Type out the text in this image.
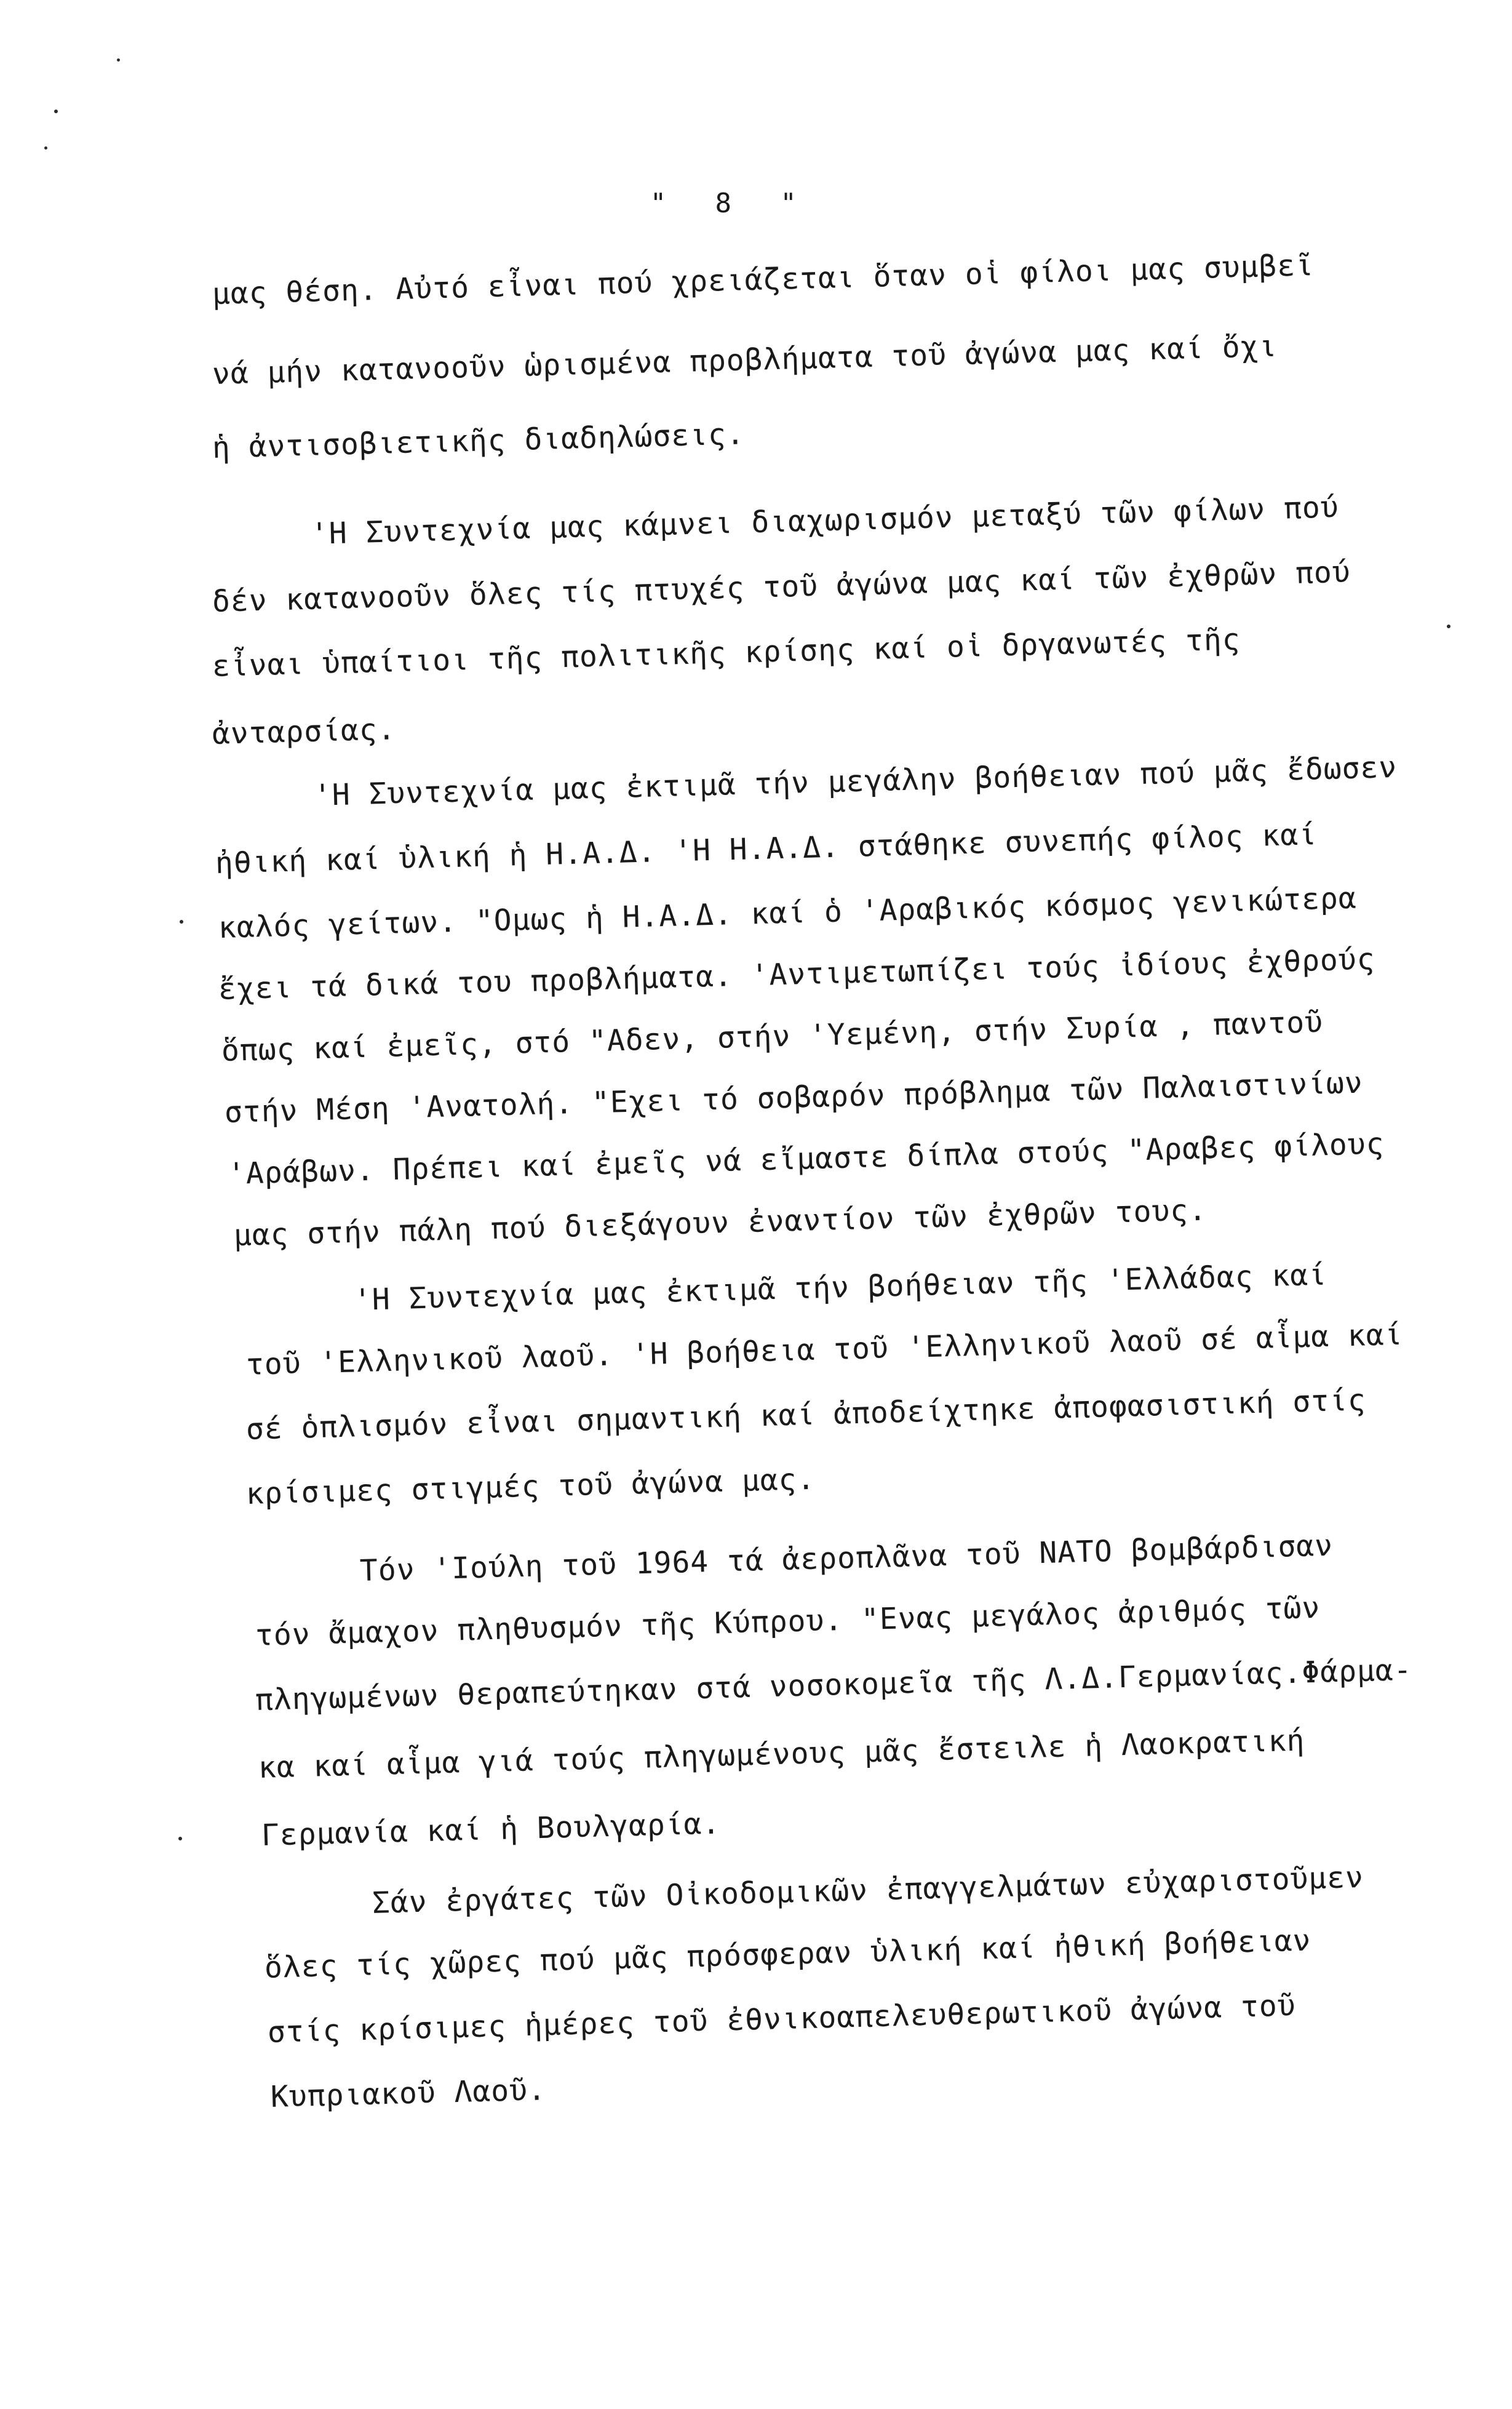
" 8 "
μας θέση. Αὐτό εἶναι πού χρειάζεται ὅταν οἱ φίλοι μας συμβεῖ
νά μήν κατανοοῦν ὡρισμένα προβλήματα τοῦ ἀγώνα μας καί ὄχι
ἡ ἀντισοβιετικῆς διαδηλώσεις.
'Η Συντεχνία μας κάμνει διαχωρισμόν μεταξύ τῶν φίλων πού
δέν κατανοοῦν ὅλες τίς πτυχές τοῦ ἀγώνα μας καί τῶν ἐχθρῶν πού
εἶναι ὑπαίτιοι τῆς πολιτικῆς κρίσης καί οἱ δργανωτές τῆς
ἀνταρσίας.
'Η Συντεχνία μας ἐκτιμᾶ τήν μεγάλην βοήθειαν πού μᾶς ἔδωσεν
ἠθική καί ὑλική ἡ Η.Α.Δ. 'Η Η.Α.Δ. στάθηκε συνεπής φίλος καί
καλός γείτων. "Ομως ἡ Η.Α.Δ. καί ὁ 'Αραβικός κόσμος γενικώτερα
ἔχει τά δικά του προβλήματα. 'Αντιμετωπίζει τούς ἰδίους ἐχθρούς
ὅπως καί ἐμεῖς, στό "Αδεν, στήν 'Υεμένη, στήν Συρία , παντοῦ
στήν Μέση 'Ανατολή. "Εχει τό σοβαρόν πρόβλημα τῶν Παλαιστινίων
'Αράβων. Πρέπει καί ἐμεῖς νά εἴμαστε δίπλα στούς "Αραβες φίλους
μας στήν πάλη πού διεξάγουν ἐναντίον τῶν ἐχθρῶν τους.
'Η Συντεχνία μας ἐκτιμᾶ τήν βοήθειαν τῆς 'Ελλάδας καί
τοῦ 'Ελληνικοῦ λαοῦ. 'Η βοήθεια τοῦ 'Ελληνικοῦ λαοῦ σέ αἷμα καί
σέ ὁπλισμόν εἶναι σημαντική καί ἀποδείχτηκε ἀποφασιστική στίς
κρίσιμες στιγμές τοῦ ἀγώνα μας.
Τόν 'Ιούλη τοῦ 1964 τά ἀεροπλᾶνα τοῦ ΝΑΤΟ βομβάρδισαν
τόν ἄμαχον πληθυσμόν τῆς Κύπρου. "Ενας μεγάλος ἀριθμός τῶν
πληγωμένων θεραπεύτηκαν στά νοσοκομεῖα τῆς Λ.Δ.Γερμανίας.Φάρμα-
κα καί αἷμα γιά τούς πληγωμένους μᾶς ἔστειλε ἡ Λαοκρατική
Γερμανία καί ἡ Βουλγαρία.
Σάν ἐργάτες τῶν Οἰκοδομικῶν ἐπαγγελμάτων εὐχαριστοῦμεν
ὅλες τίς χῶρες πού μᾶς πρόσφεραν ὑλική καί ἠθική βοήθειαν
στίς κρίσιμες ἡμέρες τοῦ ἐθνικοαπελευθερωτικοῦ ἀγώνα τοῦ
Κυπριακοῦ Λαοῦ.
